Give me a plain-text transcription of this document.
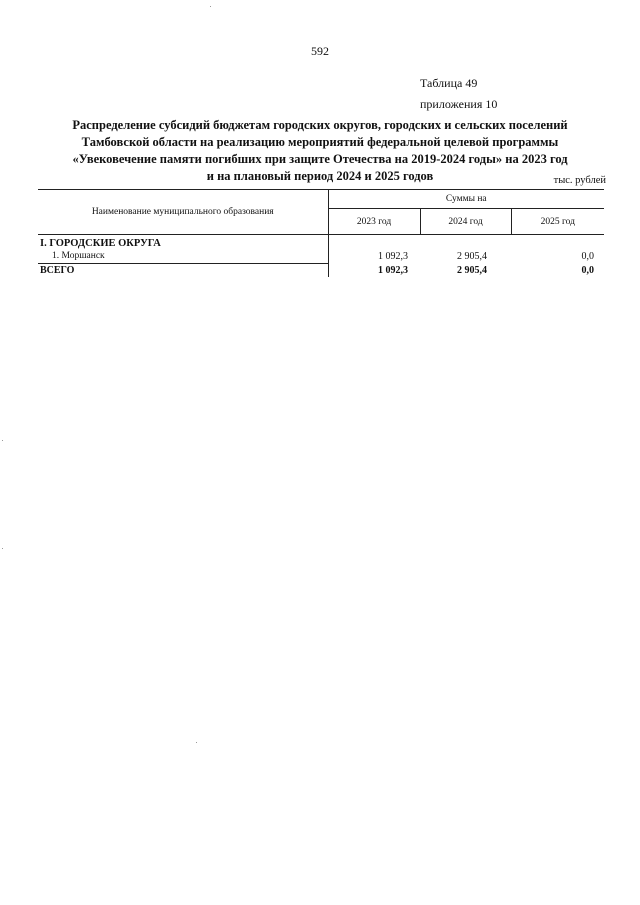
592
Таблица 49
приложения 10
Распределение субсидий бюджетам городских округов, городских и сельских поселений
Тамбовской области на реализацию мероприятий федеральной целевой программы
«Увековечение памяти погибших при защите Отечества на 2019-2024 годы» на 2023 год
и на плановый период 2024 и 2025 годов	тыс. рублей
Наименование муниципального образования	Суммы на		
	2023 год	2024 год	2025 год
I. ГОРОДСКИЕ ОКРУГА			
1. Моршанск	1 092,3	2 905,4	0,0
ВСЕГО	1 092,3	2 905,4	0,0
